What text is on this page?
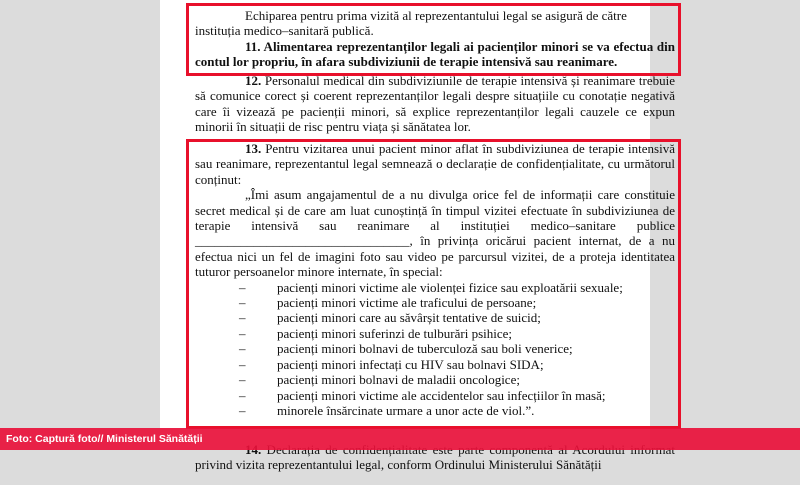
Echiparea pentru prima vizită al reprezentantului legal se asigură de către

instituția medico–sanitară publică.

11. Alimentarea reprezentanților legali ai pacienților minori se va efectua din contul lor propriu, în afara subdiviziunii de terapie intensivă sau reanimare.

12. Personalul medical din subdiviziunile de terapie intensivă și reanimare trebuie să comunice corect și coerent reprezentanților legali despre situațiile cu conotație negativă care îi vizează pe pacienții minori, să explice reprezentanților legali cauzele ce expun minorii în situații de risc pentru viața și sănătatea lor.

13. Pentru vizitarea unui pacient minor aflat în subdiviziunea de terapie intensivă sau reanimare, reprezentantul legal semnează o declarație de confidențialitate, cu următorul conținut:

„Îmi asum angajamentul de a nu divulga orice fel de informații care constituie secret medical și de care am luat cunoștință în timpul vizitei efectuate în subdiviziunea de terapie intensivă sau reanimare al instituției medico–sanitare publice _________________________________, în privința oricărui pacient internat, de a nu efectua nici un fel de imagini foto sau video pe parcursul vizitei, de a proteja identitatea tuturor persoanelor minore internate, în special:

– pacienți minori victime ale violenței fizice sau exploatării sexuale;
– pacienți minori victime ale traficului de persoane;
– pacienți minori care au săvârșit tentative de suicid;
– pacienți minori suferinzi de tulburări psihice;
– pacienți minori bolnavi de tuberculoză sau boli venerice;
– pacienți minori infectați cu HIV sau bolnavi SIDA;
– pacienți minori bolnavi de maladii oncologice;
– pacienți minori victime ale accidentelor sau infecțiilor în masă;
– minorele însărcinate urmare a unor acte de viol.”.

privind vizita reprezentantului legal, conform Ordinului Ministerului Sănătății

Foto: Captură foto// Ministerul Sănătății
